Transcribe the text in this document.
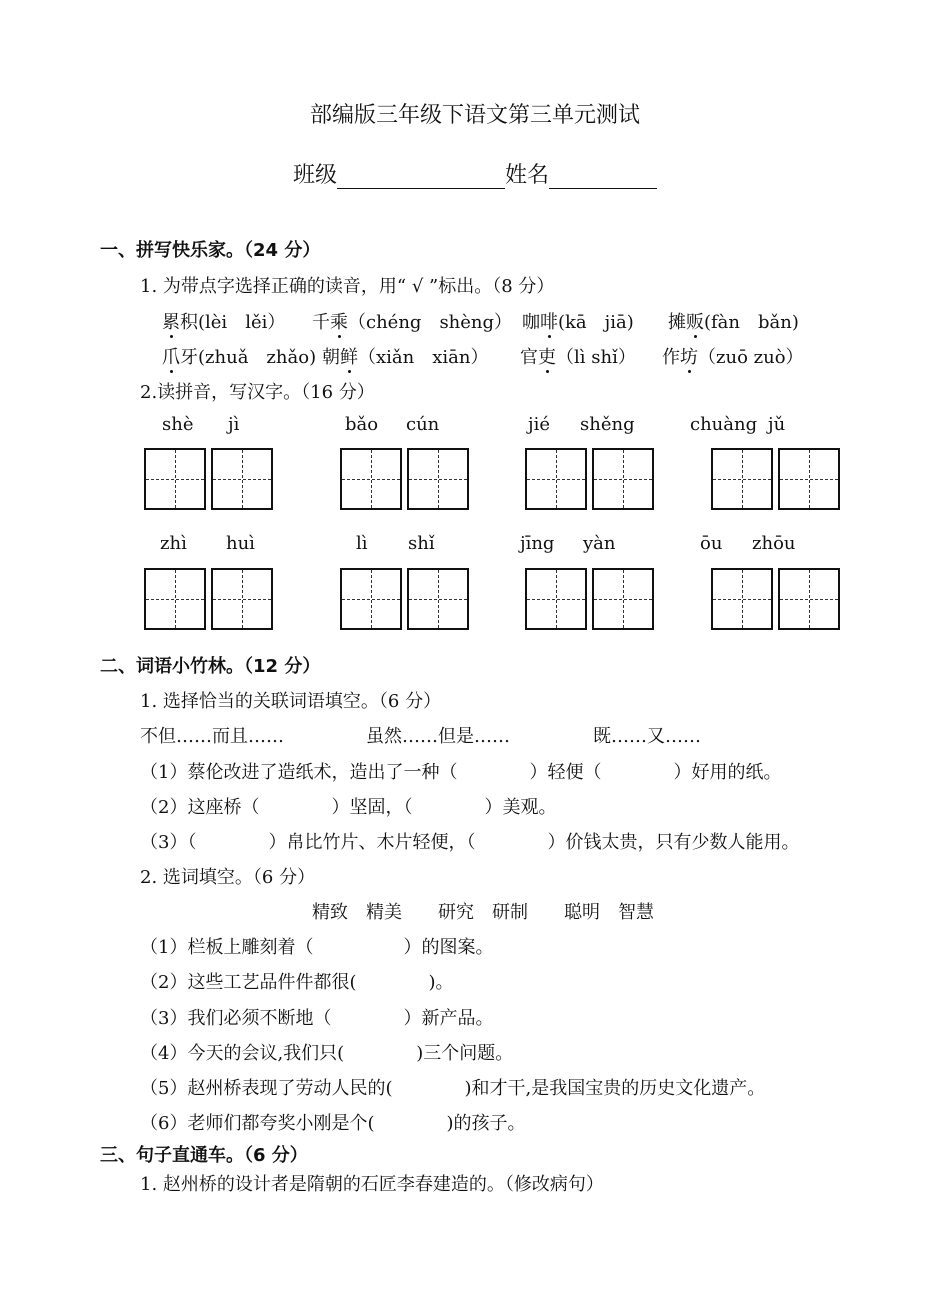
部编版三年级下语文第三单元测试
班级	姓名
一、拼写快乐家。（24 分）
1. 为带点字选择正确的读音，用“ √ ”标出。（8 分）
累积(lèi　lěi） 千乘（chéng　shèng） 咖啡(kā　jiā) 摊贩(fàn　bǎn)
爪牙(zhuǎ　zhǎo) 朝鲜（xiǎn　xiān） 官吏（lì shǐ） 作坊（zuō zuò）
2.读拼音，写汉字。（16 分）
shè jì	bǎo cún	jié shěng	chuàng jǔ
zhì huì	lì shǐ	jīng yàn	ōu zhōu
二、词语小竹林。（12 分）
1. 选择恰当的关联词语填空。（6 分）
不但……而且……	虽然……但是……	既……又……
（1）蔡伦改进了造纸术，造出了一种（　　　　）轻便（　　　　）好用的纸。
（2）这座桥（　　　　）坚固，（　　　　）美观。
（3）（　　　　）帛比竹片、木片轻便，（　　　　）价钱太贵，只有少数人能用。
2. 选词填空。（6 分）
精致　精美　　研究　研制　　聪明　智慧
（1）栏板上雕刻着（　　　　　）的图案。
（2）这些工艺品件件都很(　　　　)。
（3）我们必须不断地（　　　　）新产品。
（4）今天的会议,我们只(　　　　)三个问题。
（5）赵州桥表现了劳动人民的(　　　　)和才干,是我国宝贵的历史文化遗产。
（6）老师们都夸奖小刚是个(　　　　)的孩子。
三、句子直通车。（6 分）
1. 赵州桥的设计者是隋朝的石匠李春建造的。（修改病句）
